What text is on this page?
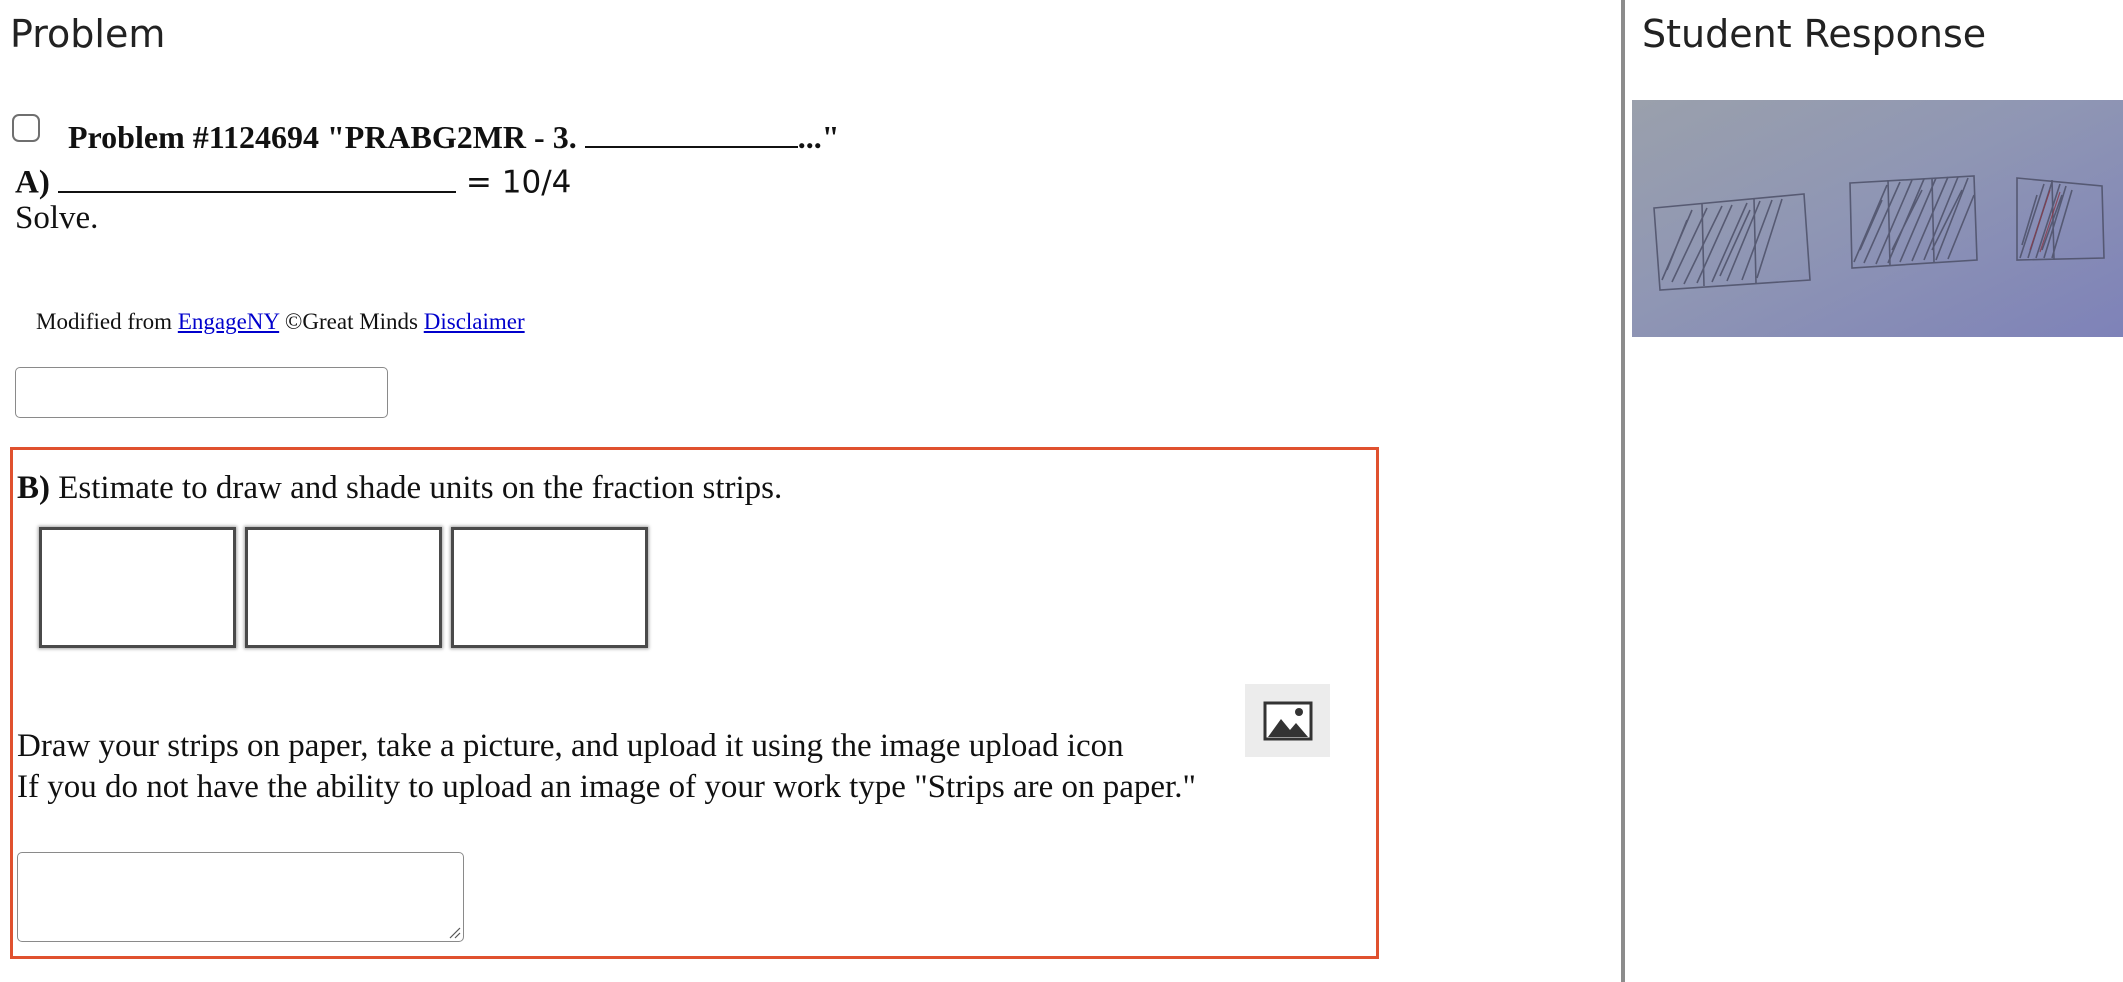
Problem
Problem #1124694 "PRABG2MR - 3.	..."
A)	= 10/4
Solve.
Modified from EngageNY ©Great Minds Disclaimer
B) Estimate to draw and shade units on the fraction strips.
Draw your strips on paper, take a picture, and upload it using the image upload icon
If you do not have the ability to upload an image of your work type "Strips are on paper."
Student Response
